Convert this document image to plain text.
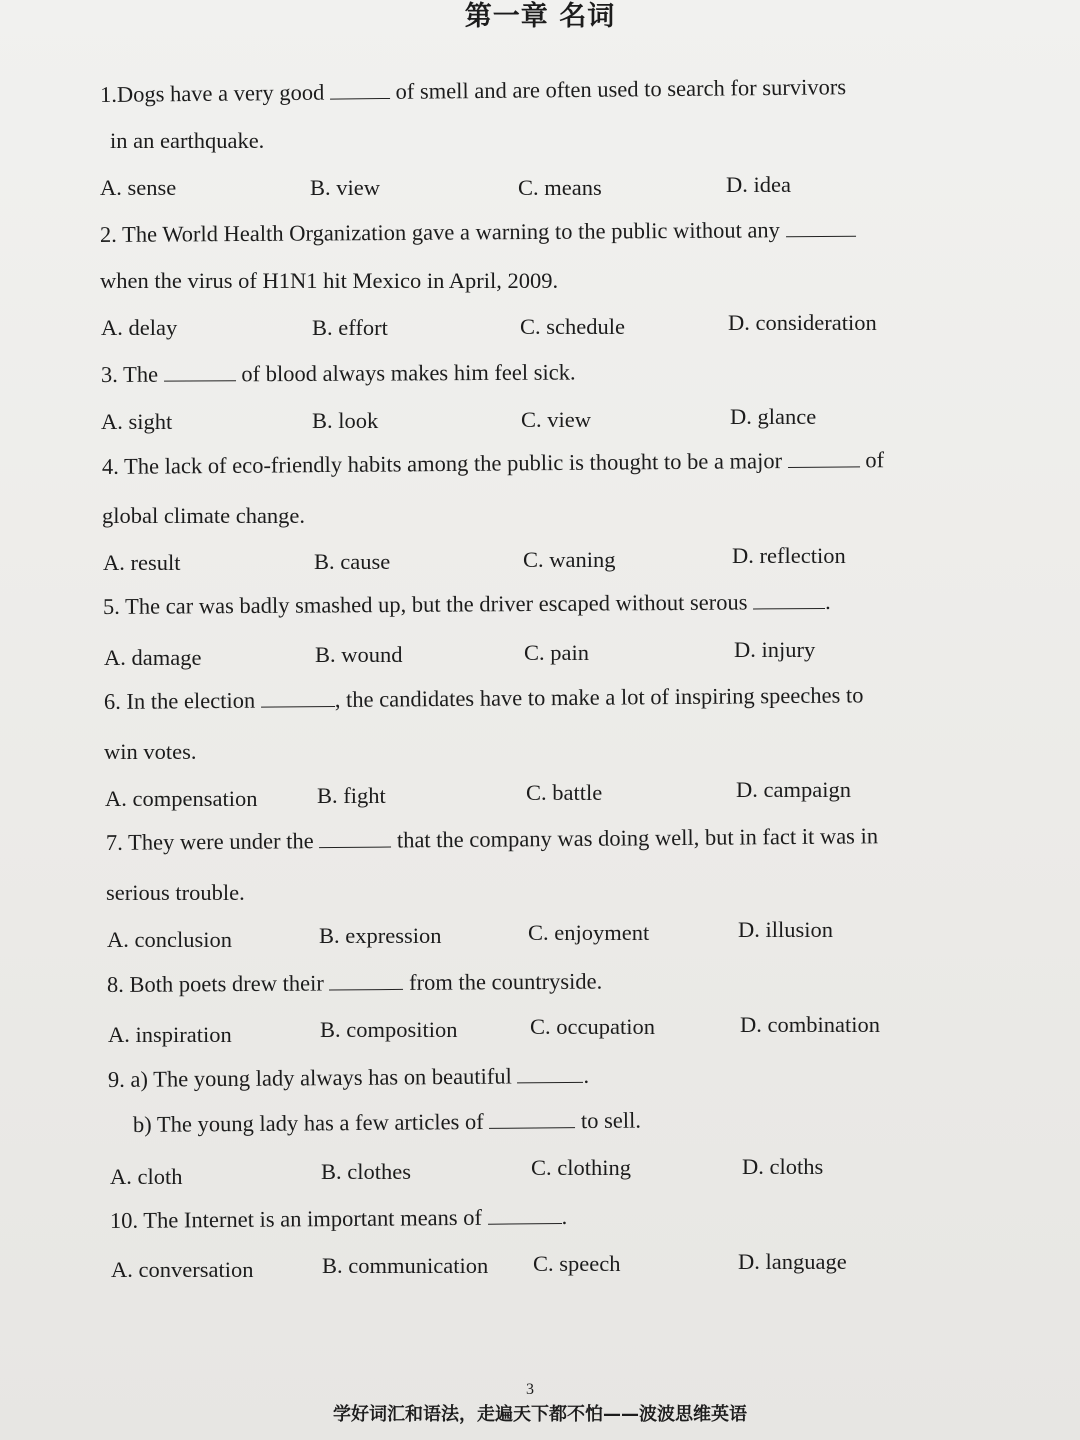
第一章 名词
1.Dogs have a very good	of smell and are often used to search for survivors
in an earthquake.
A. sense	B. view	C. means	D. idea
2. The World Health Organization gave a warning to the public without any
when the virus of H1N1 hit Mexico in April, 2009.
A. delay	B. effort	C. schedule	D. consideration
3. The	of blood always makes him feel sick.
A. sight	B. look	C. view	D. glance
4. The lack of eco-friendly habits among the public is thought to be a major	of
global climate change.
A. result	B. cause	C. waning	D. reflection
5. The car was badly smashed up, but the driver escaped without serous	.
A. damage	B. wound	C. pain	D. injury
6. In the election	, the candidates have to make a lot of inspiring speeches to
win votes.
A. compensation	B. fight	C. battle	D. campaign
7. They were under the	that the company was doing well, but in fact it was in
serious trouble.
A. conclusion	B. expression	C. enjoyment	D. illusion
8. Both poets drew their	from the countryside.
A. inspiration	B. composition	C. occupation	D. combination
9. a) The young lady always has on beautiful	.
b) The young lady has a few articles of	to sell.
A. cloth	B. clothes	C. clothing	D. cloths
10. The Internet is an important means of	.
A. conversation	B. communication C. speech	D. language
3
学好词汇和语法，走遍天下都不怕——波波思维英语
